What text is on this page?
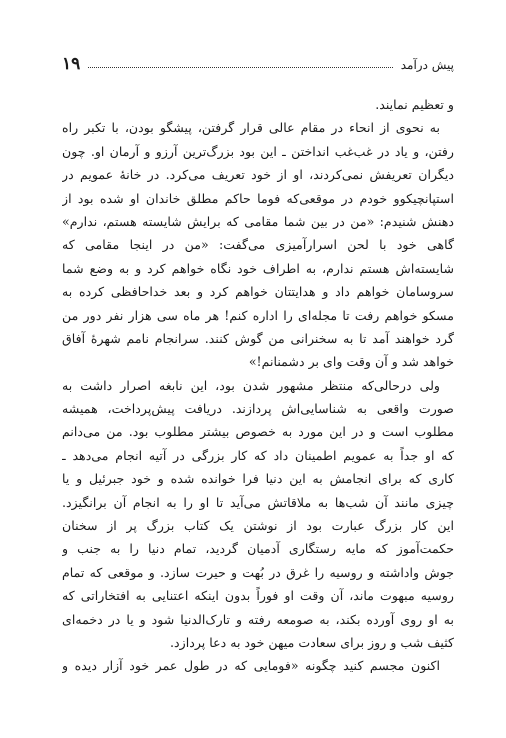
پیش درآمد
۱۹
و تعظیم نمایند.
به نحوی از انحاء در مقام عالی قرار گرفتن، پیشگو بودن، با تکبر راه
رفتن، و یاد در غب‌غب انداختن ـ این بود بزرگ‌ترین آرزو و آرمان او. چون
دیگران تعریفش نمی‌کردند، او از خود تعریف می‌کرد. در خانهٔ عمویم در
استپانچیکوو خودم در موقعی‌که فوما حاکم مطلق خاندان او شده بود از
دهنش شنیدم: «من در بین شما مقامی که برایش شایسته هستم، ندارم»
گاهی خود با لحن اسرارآمیزی می‌گفت: «من در اینجا مقامی که
شایسته‌اش هستم ندارم، به اطراف خود نگاه خواهم کرد و به وضع شما
سروسامان خواهم داد و هدایتتان خواهم کرد و بعد خداحافظی کرده به
مسکو خواهم رفت تا مجله‌ای را اداره کنم! هر ماه سی هزار نفر دور من
گرد خواهند آمد تا به سخنرانی من گوش کنند. سرانجام نامم شهرهٔ آفاق
خواهد شد و آن وقت وای بر دشمنانم!»
ولی درحالی‌که منتظر مشهور شدن بود، این نابغه اصرار داشت به
صورت واقعی به شناسایی‌اش پردازند. دریافت پیش‌پرداخت، همیشه
مطلوب است و در این مورد به خصوص بیشتر مطلوب بود. من می‌دانم
که او جداً به عمویم اطمینان داد که کار بزرگی در آتیه انجام می‌دهد ـ
کاری که برای انجامش به این دنیا فرا خوانده شده و خود جبرئیل و یا
چیزی مانند آن شب‌ها به ملاقاتش می‌آید تا او را به انجام آن برانگیزد.
این کار بزرگ عبارت بود از نوشتن یک کتاب بزرگ پر از سخنان
حکمت‌آموز که مایه رستگاری آدمیان گردید، تمام دنیا را به جنب و
جوش واداشته و روسیه را غرق در بُهت و حیرت سازد. و موقعی که تمام
روسیه مبهوت ماند، آن وقت او فوراً بدون اینکه اعتنایی به افتخاراتی که
به او روی آورده بکند، به صومعه رفته و تارک‌الدنیا شود و یا در دخمه‌ای
کثیف شب و روز برای سعادت میهن خود به دعا پردازد.
اکنون مجسم کنید چگونه «فومایی که در طول عمر خود آزار دیده و
